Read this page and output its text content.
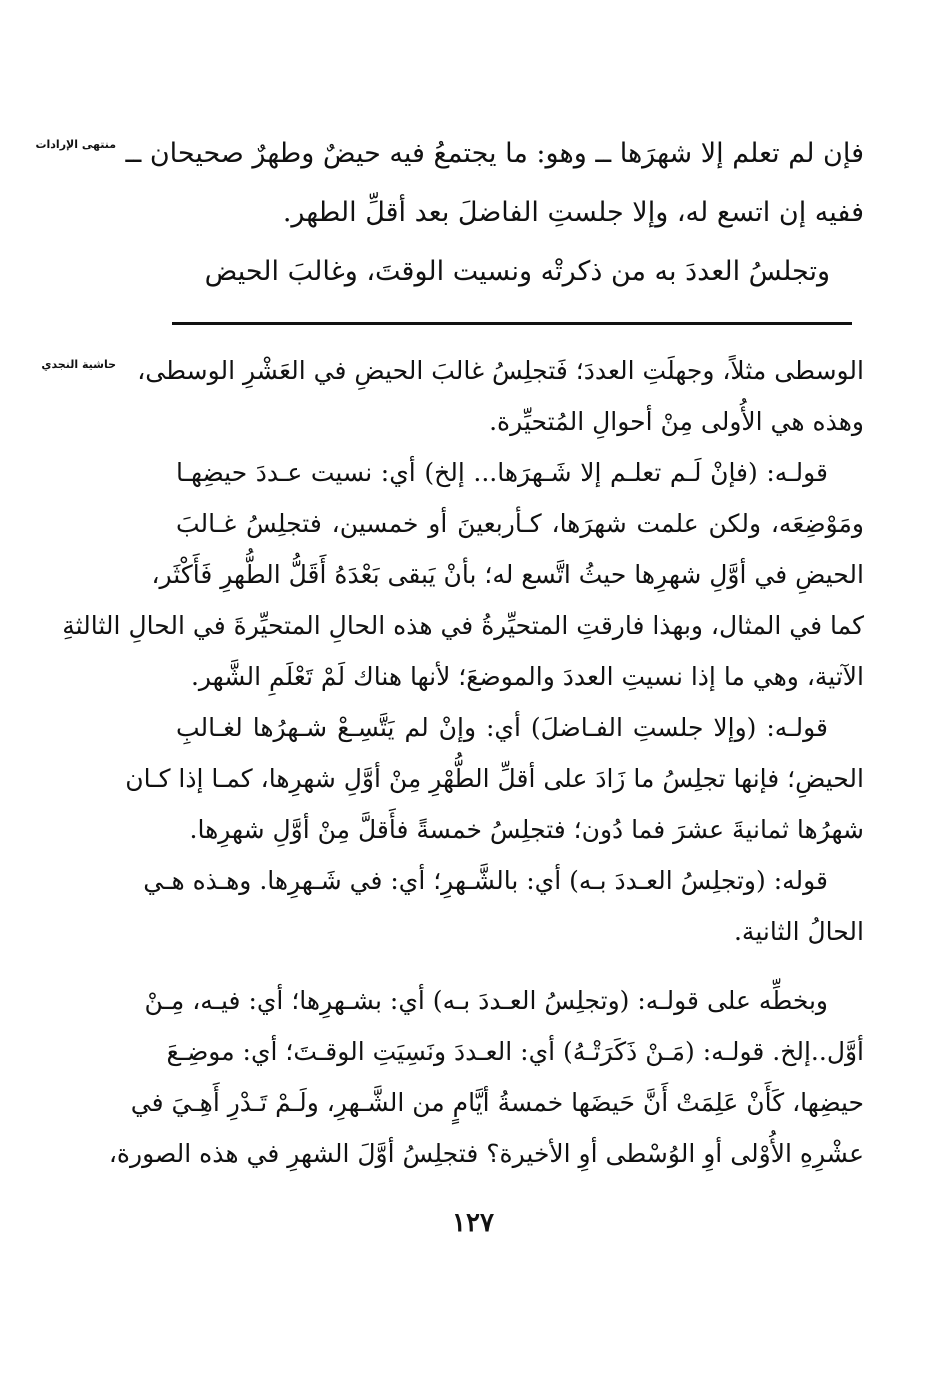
منتهى الإرادات
حاشية النجدي
فإن لم تعلم إلا شهرَها ــ وهو: ما يجتمعُ فيه حيضٌ وطهرٌ صحيحان ــ
ففيه إن اتسع له، وإلا جلستِ الفاضلَ بعد أقلِّ الطهر.
وتجلسُ العددَ به من ذكرتْه ونسيت الوقتَ، وغالبَ الحيض
الوسطى مثلاً، وجهلَتِ العددَ؛ فَتجلِسُ غالبَ الحيضِ في العَشْرِ الوسطى،
وهذه هي الأُولى مِنْ أحوالِ المُتحيِّرة.
قولـه: (فإنْ لَـم تعلـم إلا شَـهرَها... إلخ) أي: نسيت عـددَ حيضِهـا
ومَوْضِعَه، ولكن علمت شهرَها، كـأربعينَ أو خمسين، فتجلِسُ غـالبَ
الحيضِ في أوَّلِ شهرِها حيثُ اتَّسع له؛ بأنْ يَبقى بَعْدَهُ أَقَلُّ الطُّهرِ فَأَكْثَر،
كما في المثال، وبهذا فارقتِ المتحيِّرةُ في هذه الحالِ المتحيِّرةَ في الحالِ الثالثةِ
الآتية، وهي ما إذا نسيتِ العددَ والموضعَ؛ لأنها هناك لَمْ تَعْلَمِ الشَّهر.
قولـه: (وإلا جلستِ الفـاضلَ) أي: وإنْ لم يَتَّسِـعْ شـهرُها لغـالبِ
الحيضِ؛ فإنها تجلِسُ ما زَادَ على أقلِّ الطُّهْرِ مِنْ أوَّلِ شهرِها، كمـا إذا كـان
شهرُها ثمانيةَ عشرَ فما دُون؛ فتجلِسُ خمسةً فأَقلَّ مِنْ أوَّلِ شهرِها.
قوله: (وتجلِسُ العـددَ بـه) أي: بالشَّـهرِ؛ أي: في شَـهرِها. وهـذه هـي
الحالُ الثانية.
وبخطِّه على قولـه: (وتجلِسُ العـددَ بـه) أي: بشـهرِها؛ أي: فيـه، مِـنْ
أوَّل..إلخ. قولـه: (مَـنْ ذَكَرَتْـهُ) أي: العـددَ ونَسِيَتِ الوقـتَ؛ أي: موضِـعَ
حيضِها، كَأَنْ عَلِمَتْ أَنَّ حَيضَها خمسةُ أيَّامٍ من الشَّـهرِ، ولَـمْ تَـدْرِ أَهِـيَ في
عشْرِهِ الأُوْلى أوِ الوُسْطى أوِ الأخيرة؟ فتجلِسُ أوَّلَ الشهرِ في هذه الصورة،
١٢٧
